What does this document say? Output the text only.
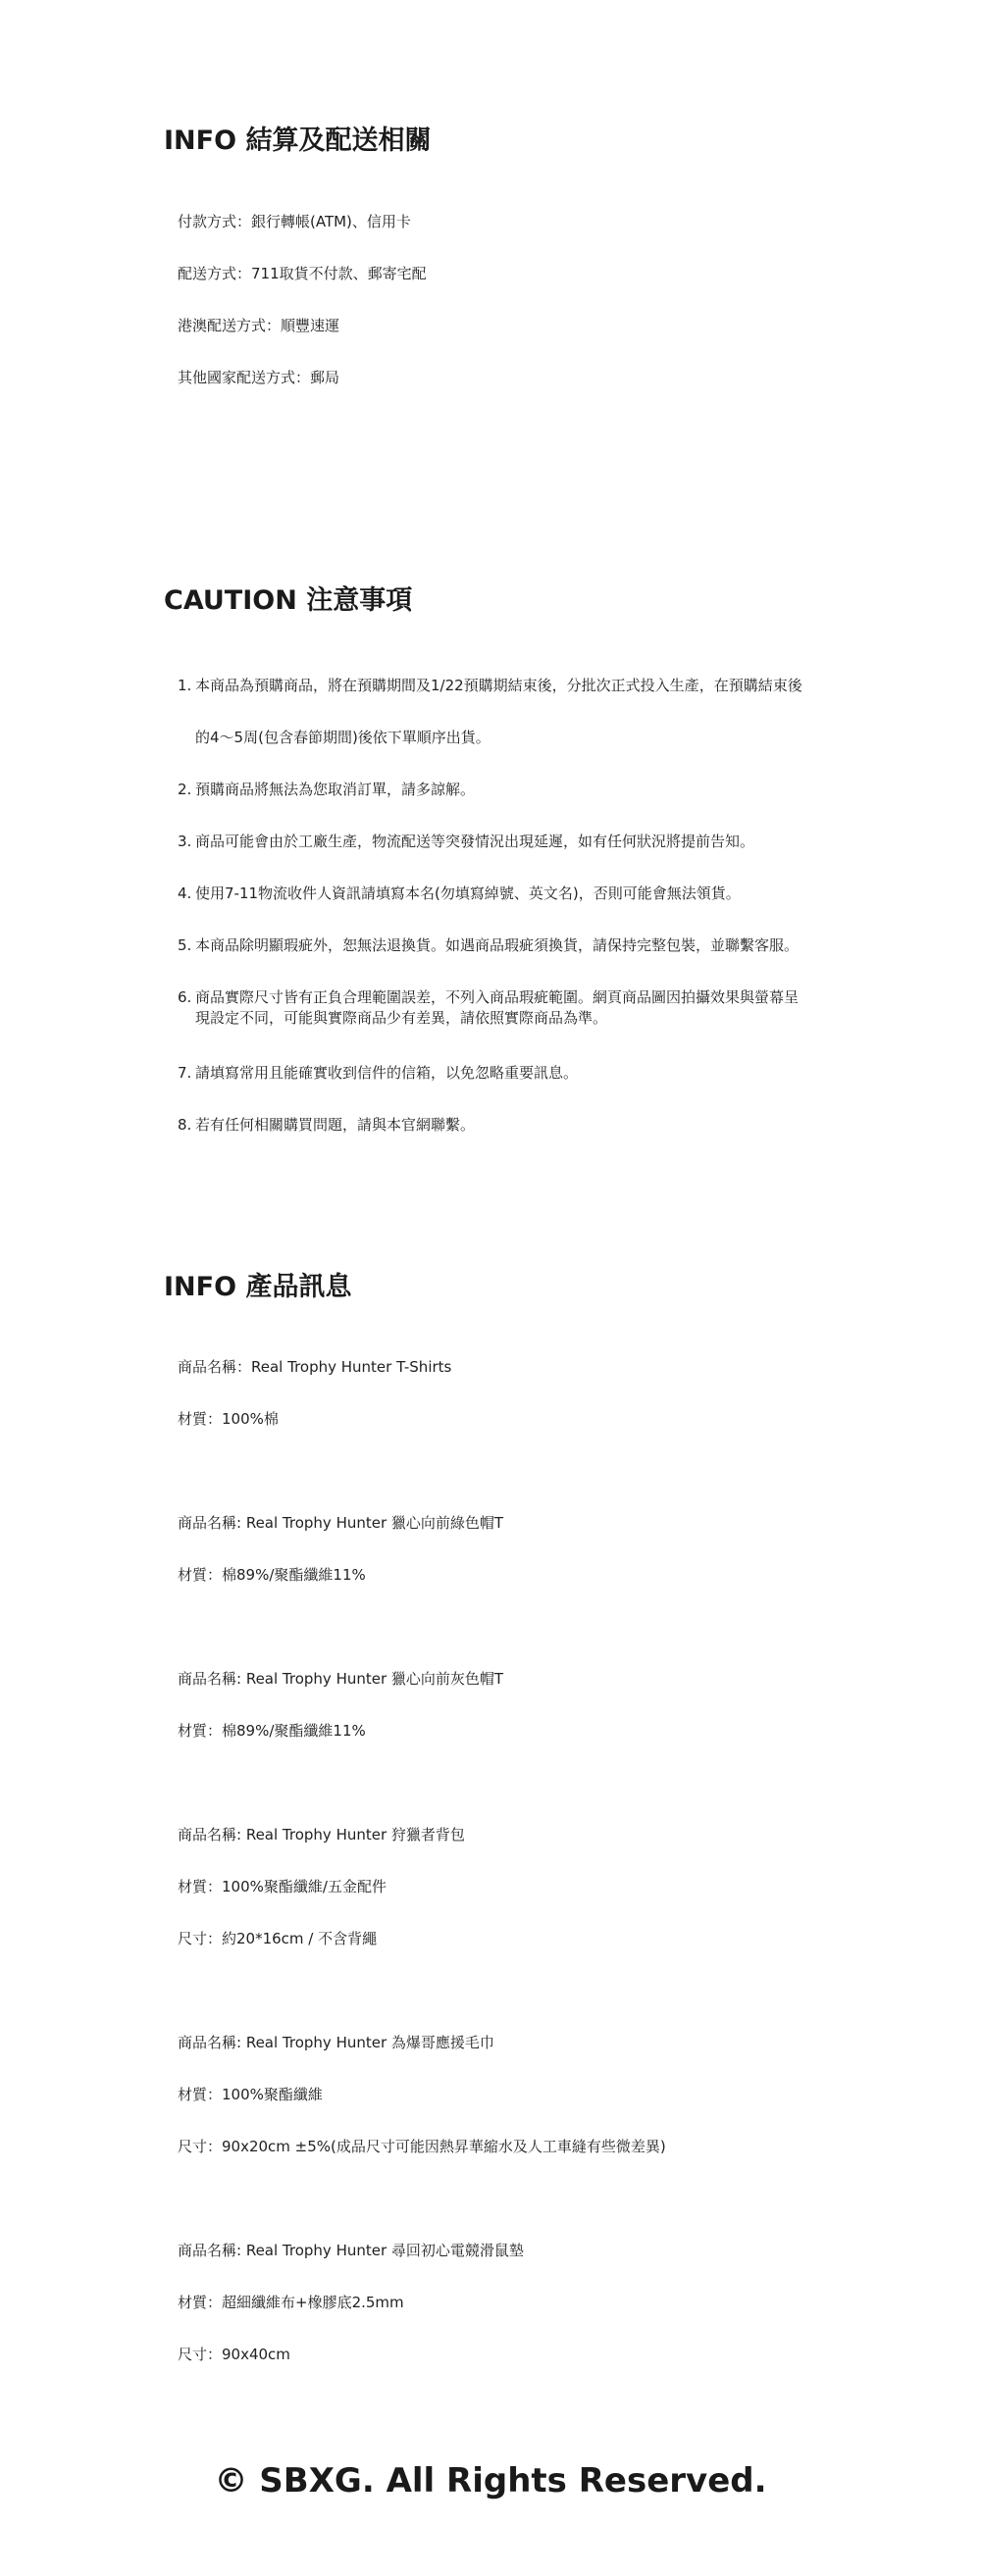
INFO 結算及配送相關
付款方式：銀行轉帳(ATM)、信用卡
配送方式：711取貨不付款、郵寄宅配
港澳配送方式：順豐速運
其他國家配送方式：郵局
CAUTION 注意事項
1. 本商品為預購商品，將在預購期間及1/22預購期結束後，分批次正式投入生產，在預購結束後
的4～5周(包含春節期間)後依下單順序出貨。
2. 預購商品將無法為您取消訂單，請多諒解。
3. 商品可能會由於工廠生產，物流配送等突發情況出現延遲，如有任何狀況將提前告知。
4. 使用7-11物流收件人資訊請填寫本名(勿填寫綽號、英文名)，否則可能會無法領貨。
5. 本商品除明顯瑕疵外，恕無法退換貨。如遇商品瑕疵須換貨，請保持完整包裝，並聯繫客服。
6. 商品實際尺寸皆有正負合理範圍誤差，不列入商品瑕疵範圍。網頁商品圖因拍攝效果與螢幕呈
現設定不同，可能與實際商品少有差異，請依照實際商品為準。
7. 請填寫常用且能確實收到信件的信箱，以免忽略重要訊息。
8. 若有任何相關購買問題，請與本官網聯繫。
INFO 產品訊息
商品名稱：Real Trophy Hunter T-Shirts
材質：100%棉
商品名稱: Real Trophy Hunter 獵心向前綠色帽T
材質：棉89%/聚酯纖維11%
商品名稱: Real Trophy Hunter 獵心向前灰色帽T
材質：棉89%/聚酯纖維11%
商品名稱: Real Trophy Hunter 狩獵者背包
材質：100%聚酯纖維/五金配件
尺寸：約20*16cm / 不含背繩
商品名稱: Real Trophy Hunter 為爆哥應援毛巾
材質：100%聚酯纖維
尺寸：90x20cm ±5%(成品尺寸可能因熱昇華縮水及人工車縫有些微差異)
商品名稱: Real Trophy Hunter 尋回初心電競滑鼠墊
材質：超細纖維布+橡膠底2.5mm
尺寸：90x40cm
© SBXG. All Rights Reserved.
